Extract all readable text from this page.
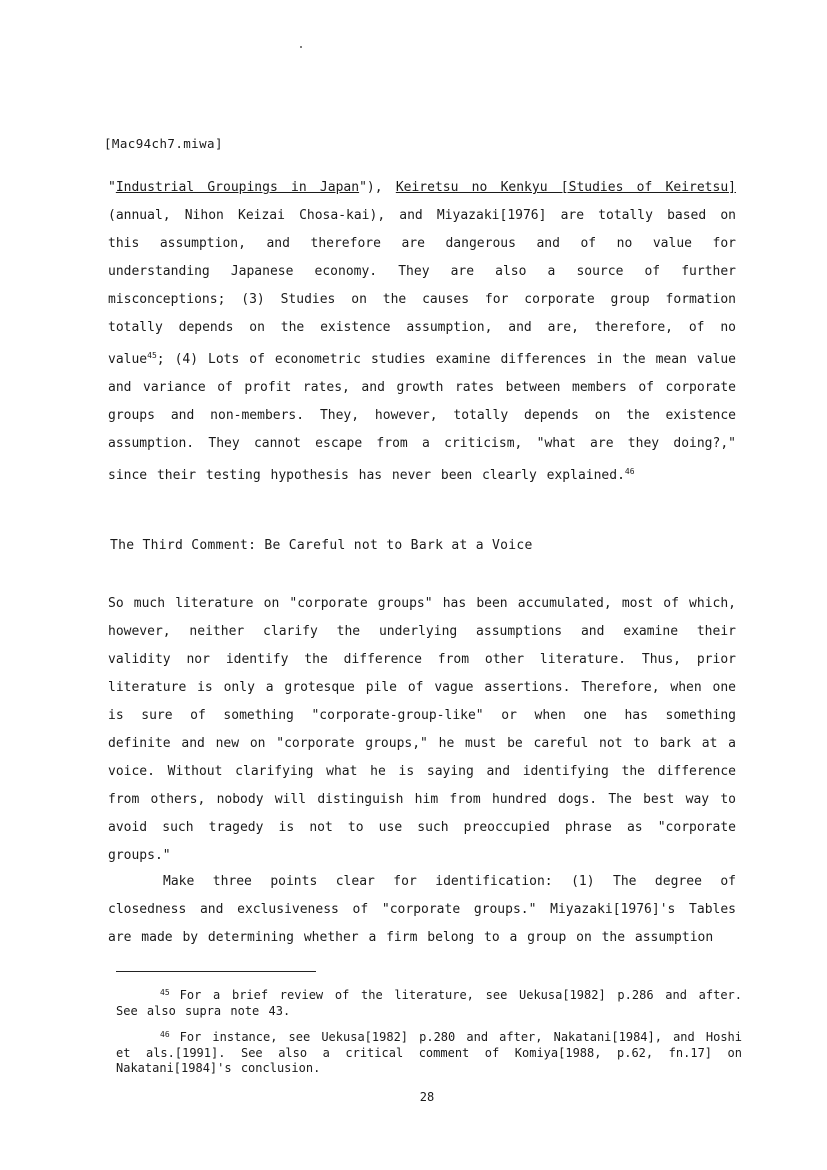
[Mac94ch7.miwa]

"Industrial Groupings in Japan"), Keiretsu no Kenkyu [Studies of Keiretsu] (annual, Nihon Keizai Chosa-kai), and Miyazaki[1976] are totally based on this assumption, and therefore are dangerous and of no value for understanding Japanese economy. They are also a source of further misconceptions; (3) Studies on the causes for corporate group formation totally depends on the existence assumption, and are, therefore, of no value$^{45}$; (4) Lots of econometric studies examine differences in the mean value and variance of profit rates, and growth rates between members of corporate groups and non-members. They, however, totally depends on the existence assumption. They cannot escape from a criticism, "what are they doing?," since their testing hypothesis has never been clearly explained.$^{46}$

The Third Comment: Be Careful not to Bark at a Voice

So much literature on "corporate groups" has been accumulated, most of which, however, neither clarify the underlying assumptions and examine their validity nor identify the difference from other literature. Thus, prior literature is only a grotesque pile of vague assertions. Therefore, when one is sure of something "corporate-group-like" or when one has something definite and new on "corporate groups," he must be careful not to bark at a voice. Without clarifying what he is saying and identifying the difference from others, nobody will distinguish him from hundred dogs. The best way to avoid such tragedy is not to use such preoccupied phrase as "corporate groups."

Make three points clear for identification: (1) The degree of closedness and exclusiveness of "corporate groups." Miyazaki[1976]'s Tables are made by determining whether a firm belong to a group on the assumption

$^{45}$ For a brief review of the literature, see Uekusa[1982] p.286 and after. See also supra note 43.

$^{46}$ For instance, see Uekusa[1982] p.280 and after, Nakatani[1984], and Hoshi et als.[1991]. See also a critical comment of Komiya[1988, p.62, fn.17] on Nakatani[1984]'s conclusion.

28
